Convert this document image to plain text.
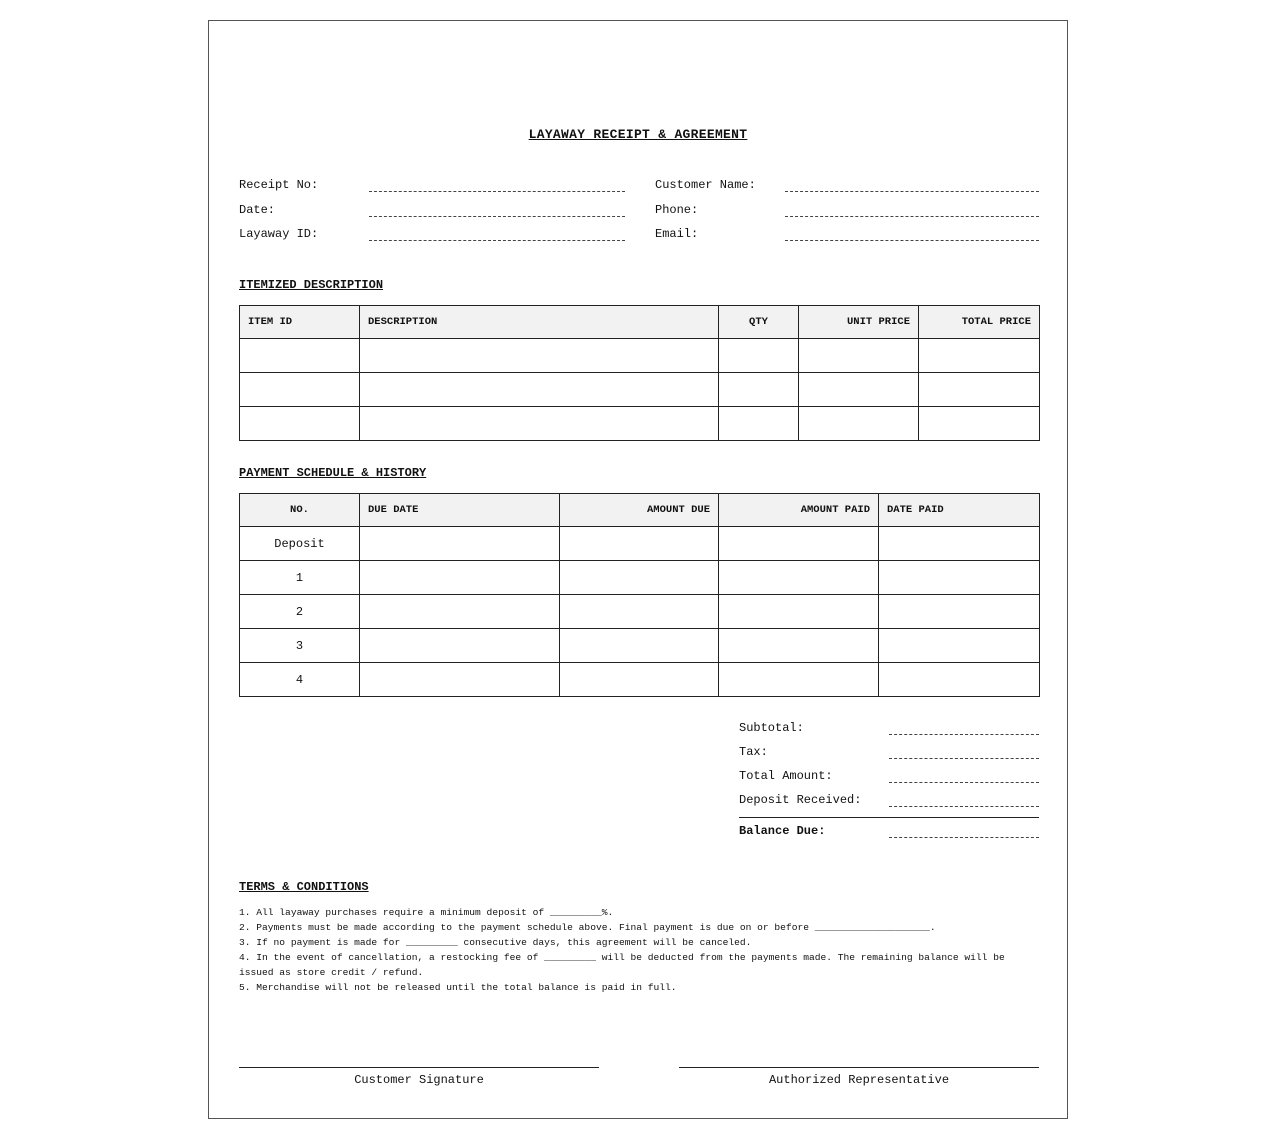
LAYAWAY RECEIPT & AGREEMENT
Receipt No:
Date:
Layaway ID:
Customer Name:
Phone:
Email:
ITEMIZED DESCRIPTION
ITEM ID	DESCRIPTION	QTY	UNIT PRICE	TOTAL PRICE

PAYMENT SCHEDULE & HISTORY
NO.	DUE DATE	AMOUNT DUE	AMOUNT PAID	DATE PAID
Deposit				
1				
2				
3				
4				
Subtotal:
Tax:
Total Amount:
Deposit Received:
Balance Due:
TERMS & CONDITIONS

1. All layaway purchases require a minimum deposit of _________%.

2. Payments must be made according to the payment schedule above. Final payment is due on or before ____________________.

3. If no payment is made for _________ consecutive days, this agreement will be canceled.

4. In the event of cancellation, a restocking fee of _________ will be deducted from the payments made. The remaining balance will be issued as store credit / refund.

5. Merchandise will not be released until the total balance is paid in full.

Customer Signature	Authorized Representative
